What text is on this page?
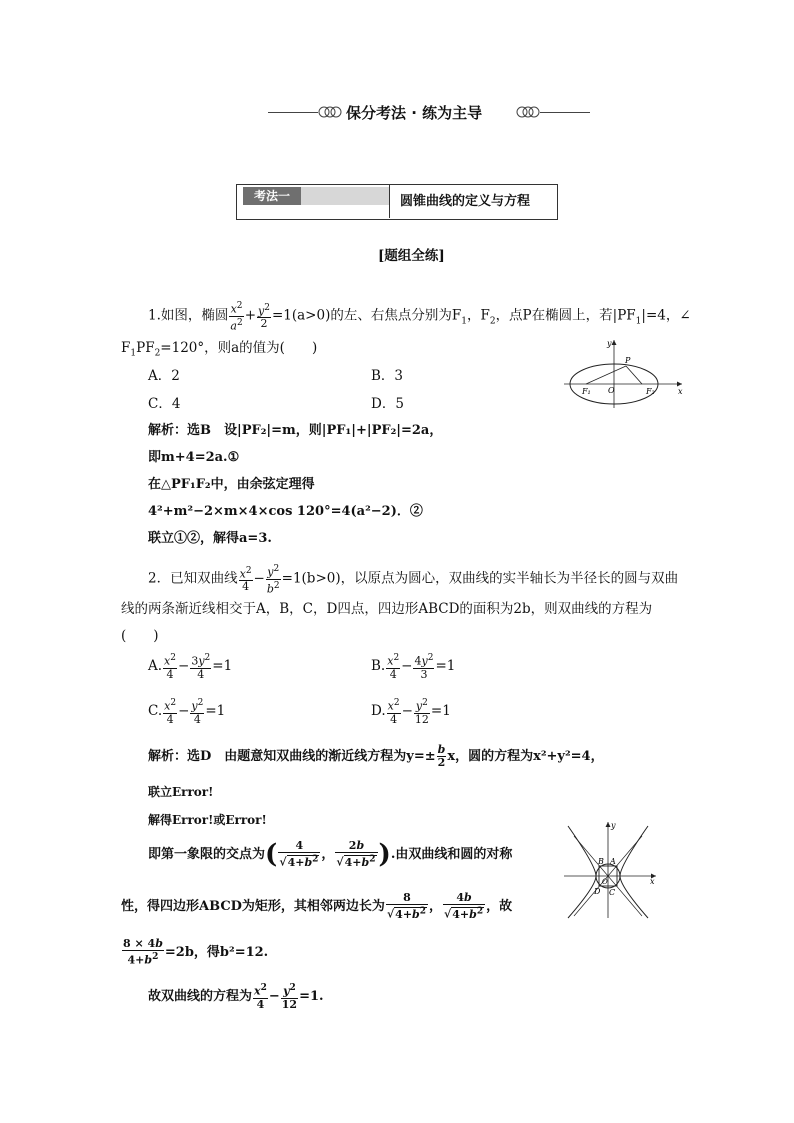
保分考法 · 练为主导
考法一	圆锥曲线的定义与方程
[题组全练]
1.如图，椭圆 $\frac{x^2}{a^2} + \frac{y^2}{2} =1(a>0)$的左、右焦点分别为$F_1$，$F_2$，点P在椭圆上，若$|PF_1|=4$，∠
$F_1PF_2=120^\circ$，则a的值为(　　)
A．2	B．3
C．4	D．5
y
P
F₁ O	F₂	x
解析：选B　设|PF₂|=m，则|PF₁|+|PF₂|=2a，
即m+4=2a.①
在△PF₁F₂中，由余弦定理得
4²+m²−2×m×4×cos 120°=4(a²−2)．②
联立①②，解得a=3.
2．已知双曲线 $\frac{x^2}{4} - \frac{y^2}{b^2} =1(b>0)$，以原点为圆心，双曲线的实半轴长为半径长的圆与双曲
线的两条渐近线相交于A，B，C，D四点，四边形ABCD的面积为2b，则双曲线的方程为
(　　)
A. $\frac{x^2}{4} - \frac{3y^2}{4} =1$	B. $\frac{x^2}{4} - \frac{4y^2}{3} =1$
C. $\frac{x^2}{4} - \frac{y^2}{4} =1$	D. $\frac{x^2}{4} - \frac{y^2}{12} =1$
解析：选D　由题意知双曲线的渐近线方程为$y=\pm \frac{b}{2}$ x，圆的方程为x²+y²=4，
联立Error!
解得Error!或Error!
即第一象限的交点为( $\frac{4}{√4+b^2}$ ， $\frac{2b}{√4+b^2}$ ).由双曲线和圆的对称
性，得四边形ABCD为矩形，其相邻两边长为 $\frac{8}{√4+b^2}$ ， $\frac{4b}{√4+b^2}$ ，故
$\frac{8 \times 4b}{4+b^2} =2b$，得b²=12.
故双曲线的方程为 $\frac{x^2}{4} - \frac{y^2}{12} =1$.
y
A
B
D C
O	x
